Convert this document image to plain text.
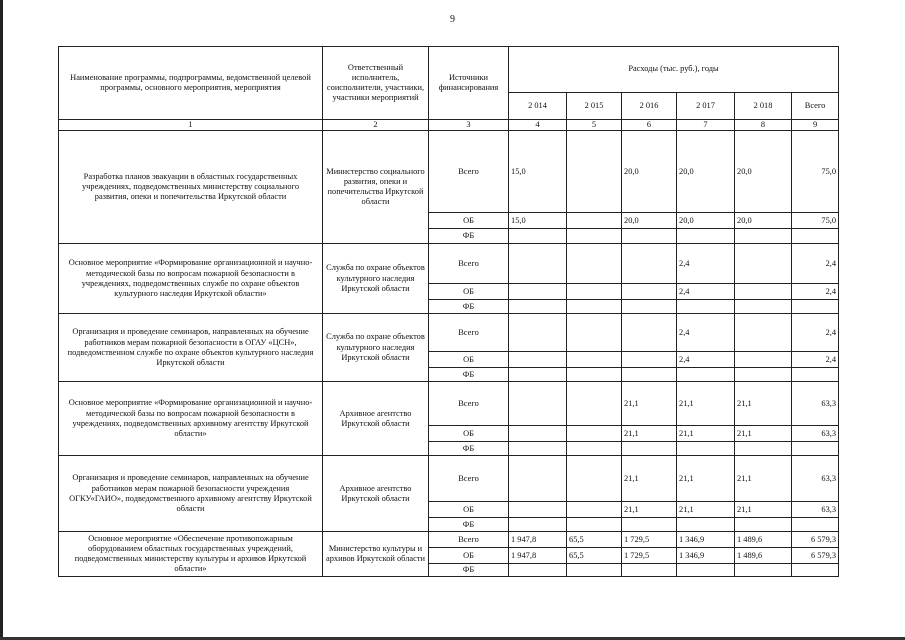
9
Наименование программы, подпрограммы, ведомственной целевой программы, основного мероприятия, мероприятия	Ответственный исполнитель, соисполнители, участники, участники мероприятий	Источники финансирования	Расходы (тыс. руб.), годы					
			2 014	2 015	2 016	2 017	2 018	Всего
1	2	3	4	5	6	7	8	9
Разработка планов эвакуации в областных государственных учреждениях, подведомственных министерству социального развития, опеки и попечительства Иркутской области	Министерство социального развития, опеки и попечительства Иркутской области	Всего	15,0		20,0	20,0	20,0	75,0
		ОБ	15,0		20,0	20,0	20,0	75,0
		ФБ						
Основное мероприятие «Формирование организационной и научно-методической базы по вопросам пожарной безопасности в учреждениях, подведомственных службе по охране объектов культурного наследия Иркутской области»	Служба по охране объектов культурного наследия Иркутской области	Всего				2,4		2,4
		ОБ				2,4		2,4
		ФБ						
Организация и проведение семинаров, направленных на обучение работников мерам пожарной безопасности в ОГАУ «ЦСН», подведомственном службе по охране объектов культурного наследия Иркутской области	Служба по охране объектов культурного наследия Иркутской области	Всего				2,4		2,4
		ОБ				2,4		2,4
		ФБ						
Основное мероприятие «Формирование организационной и научно-методической базы по вопросам пожарной безопасности в учреждениях, подведомственных архивному агентству Иркутской области»	Архивное агентство Иркутской области	Всего			21,1	21,1	21,1	63,3
		ОБ			21,1	21,1	21,1	63,3
		ФБ						
Организация и проведение семинаров, направленных на обучение работников мерам пожарной безопасности учреждения ОГКУ«ГАИО», подведомственного архивному агентству Иркутской области	Архивное агентство Иркутской области	Всего			21,1	21,1	21,1	63,3
		ОБ			21,1	21,1	21,1	63,3
		ФБ						
Основное мероприятие «Обеспечение противопожарным оборудованием областных государственных учреждений, подведомственных министерству культуры и архивов Иркутской области»	Министерство культуры и архивов Иркутской области	Всего	1 947,8	65,5	1 729,5	1 346,9	1 489,6	6 579,3
		ОБ	1 947,8	65,5	1 729,5	1 346,9	1 489,6	6 579,3
		ФБ						
